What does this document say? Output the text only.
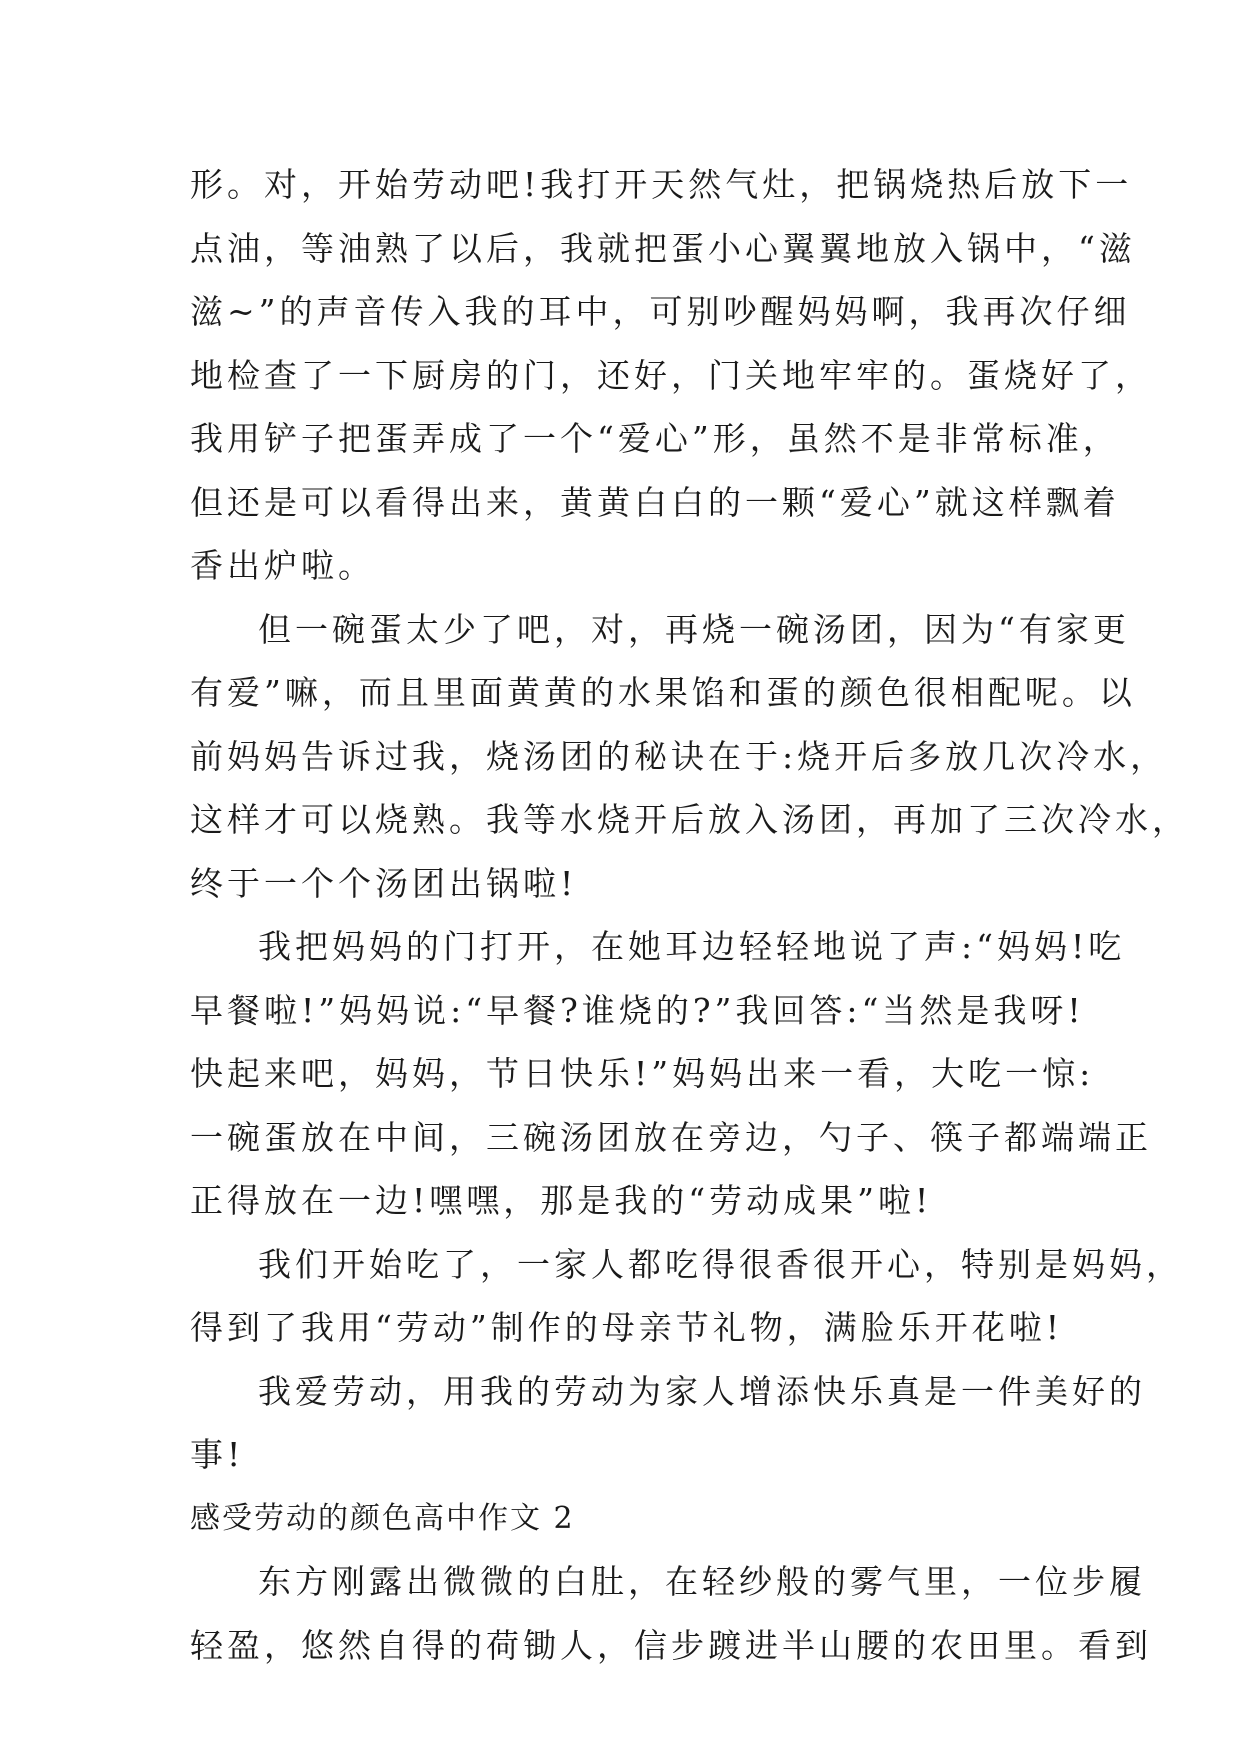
形。对，开始劳动吧!我打开天然气灶，把锅烧热后放下一
点油，等油熟了以后，我就把蛋小心翼翼地放入锅中，“滋
滋~”的声音传入我的耳中，可别吵醒妈妈啊，我再次仔细
地检查了一下厨房的门，还好，门关地牢牢的。蛋烧好了，
我用铲子把蛋弄成了一个“爱心”形，虽然不是非常标准，
但还是可以看得出来，黄黄白白的一颗“爱心”就这样飘着
香出炉啦。
但一碗蛋太少了吧，对，再烧一碗汤团，因为“有家更
有爱”嘛，而且里面黄黄的水果馅和蛋的颜色很相配呢。以
前妈妈告诉过我，烧汤团的秘诀在于:烧开后多放几次冷水，
这样才可以烧熟。我等水烧开后放入汤团，再加了三次冷水，
终于一个个汤团出锅啦!
我把妈妈的门打开，在她耳边轻轻地说了声:“妈妈!吃
早餐啦!”妈妈说:“早餐?谁烧的?”我回答:“当然是我呀!
快起来吧，妈妈，节日快乐!”妈妈出来一看，大吃一惊:
一碗蛋放在中间，三碗汤团放在旁边，勺子、筷子都端端正
正得放在一边!嘿嘿，那是我的“劳动成果”啦!
我们开始吃了，一家人都吃得很香很开心，特别是妈妈，
得到了我用“劳动”制作的母亲节礼物，满脸乐开花啦!
我爱劳动，用我的劳动为家人增添快乐真是一件美好的
事!
感受劳动的颜色高中作文 2
东方刚露出微微的白肚，在轻纱般的雾气里，一位步履
轻盈，悠然自得的荷锄人，信步踱进半山腰的农田里。看到
